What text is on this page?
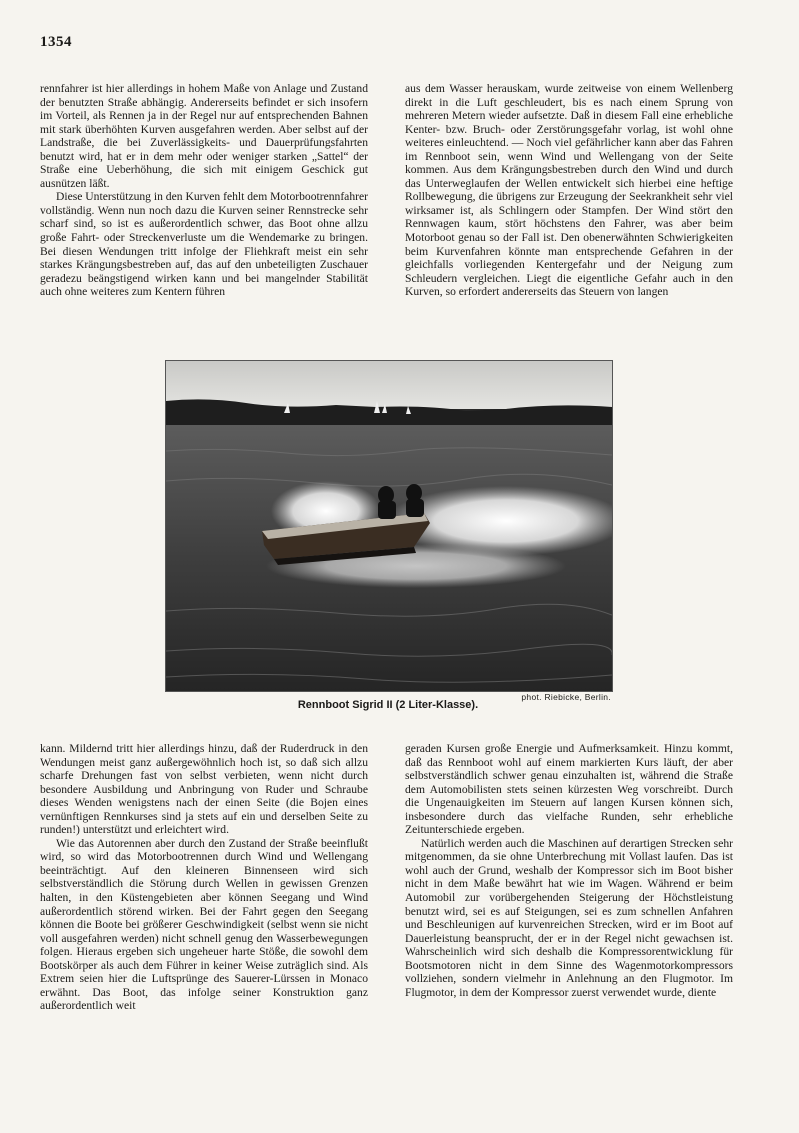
1354

rennfahrer ist hier allerdings in hohem Maße von Anlage und Zustand der benutzten Straße abhängig. Andererseits befindet er sich insofern im Vorteil, als Rennen ja in der Regel nur auf entsprechenden Bahnen mit stark überhöhten Kurven ausgefahren werden. Aber selbst auf der Landstraße, die bei Zuverlässigkeits- und Dauerprüfungsfahrten benutzt wird, hat er in dem mehr oder weniger starken „Sattel“ der Straße eine Ueberhöhung, die sich mit einigem Geschick gut ausnützen läßt.

Diese Unterstützung in den Kurven fehlt dem Motorbootrennfahrer vollständig. Wenn nun noch dazu die Kurven seiner Rennstrecke sehr scharf sind, so ist es außerordentlich schwer, das Boot ohne allzu große Fahrt- oder Streckenverluste um die Wendemarke zu bringen. Bei diesen Wendungen tritt infolge der Fliehkraft meist ein sehr starkes Krängungsbestreben auf, das auf den unbeteiligten Zuschauer geradezu beängstigend wirken kann und bei mangelnder Stabilität auch ohne weiteres zum Kentern führen

aus dem Wasser herauskam, wurde zeitweise von einem Wellenberg direkt in die Luft geschleudert, bis es nach einem Sprung von mehreren Metern wieder aufsetzte. Daß in diesem Fall eine erhebliche Kenter- bzw. Bruch- oder Zerstörungsgefahr vorlag, ist wohl ohne weiteres einleuchtend. — Noch viel gefährlicher kann aber das Fahren im Rennboot sein, wenn Wind und Wellengang von der Seite kommen. Aus dem Krängungsbestreben durch den Wind und durch das Unterweglaufen der Wellen entwickelt sich hierbei eine heftige Rollbewegung, die übrigens zur Erzeugung der Seekrankheit sehr viel wirksamer ist, als Schlingern oder Stampfen. Der Wind stört den Rennwagen kaum, stört höchstens den Fahrer, was aber beim Motorboot genau so der Fall ist. Den obenerwähnten Schwierigkeiten beim Kurvenfahren könnte man entsprechende Gefahren in der gleichfalls vorliegenden Kentergefahr und der Neigung zum Schleudern vergleichen. Liegt die eigentliche Gefahr auch in den Kurven, so erfordert andererseits das Steuern von langen

phot. Riebicke, Berlin.
Rennboot Sigrid II (2 Liter-Klasse).

kann. Mildernd tritt hier allerdings hinzu, daß der Ruderdruck in den Wendungen meist ganz außergewöhnlich hoch ist, so daß sich allzu scharfe Drehungen fast von selbst verbieten, wenn nicht durch besondere Ausbildung und Anbringung von Ruder und Schraube dieses Wenden wenigstens nach der einen Seite (die Bojen eines vernünftigen Rennkurses sind ja stets auf ein und derselben Seite zu runden!) unterstützt und erleichtert wird.

Wie das Autorennen aber durch den Zustand der Straße beeinflußt wird, so wird das Motorbootrennen durch Wind und Wellengang beeinträchtigt. Auf den kleineren Binnenseen wird sich selbstverständlich die Störung durch Wellen in gewissen Grenzen halten, in den Küstengebieten aber können Seegang und Wind außerordentlich störend wirken. Bei der Fahrt gegen den Seegang können die Boote bei größerer Geschwindigkeit (selbst wenn sie nicht voll ausgefahren werden) nicht schnell genug den Wasserbewegungen folgen. Hieraus ergeben sich ungeheuer harte Stöße, die sowohl dem Bootskörper als auch dem Führer in keiner Weise zuträglich sind. Als Extrem seien hier die Luftsprünge des Sauerer-Lürssen in Monaco erwähnt. Das Boot, das infolge seiner Konstruktion ganz außerordentlich weit

geraden Kursen große Energie und Aufmerksamkeit. Hinzu kommt, daß das Rennboot wohl auf einem markierten Kurs läuft, der aber selbstverständlich schwer genau einzuhalten ist, während die Straße dem Automobilisten stets seinen kürzesten Weg vorschreibt. Durch die Ungenauigkeiten im Steuern auf langen Kursen können sich, insbesondere durch das vielfache Runden, sehr erhebliche Zeitunterschiede ergeben.

Natürlich werden auch die Maschinen auf derartigen Strecken sehr mitgenommen, da sie ohne Unterbrechung mit Vollast laufen. Das ist wohl auch der Grund, weshalb der Kompressor sich im Boot bisher nicht in dem Maße bewährt hat wie im Wagen. Während er beim Automobil zur vorübergehenden Steigerung der Höchstleistung benutzt wird, sei es auf Steigungen, sei es zum schnellen Anfahren und Beschleunigen auf kurvenreichen Strecken, wird er im Boot auf Dauerleistung beansprucht, der er in der Regel nicht gewachsen ist. Wahrscheinlich wird sich deshalb die Kompressorentwicklung für Bootsmotoren nicht in dem Sinne des Wagenmotorkompressors vollziehen, sondern vielmehr in Anlehnung an den Flugmotor. Im Flugmotor, in dem der Kompressor zuerst verwendet wurde, diente
